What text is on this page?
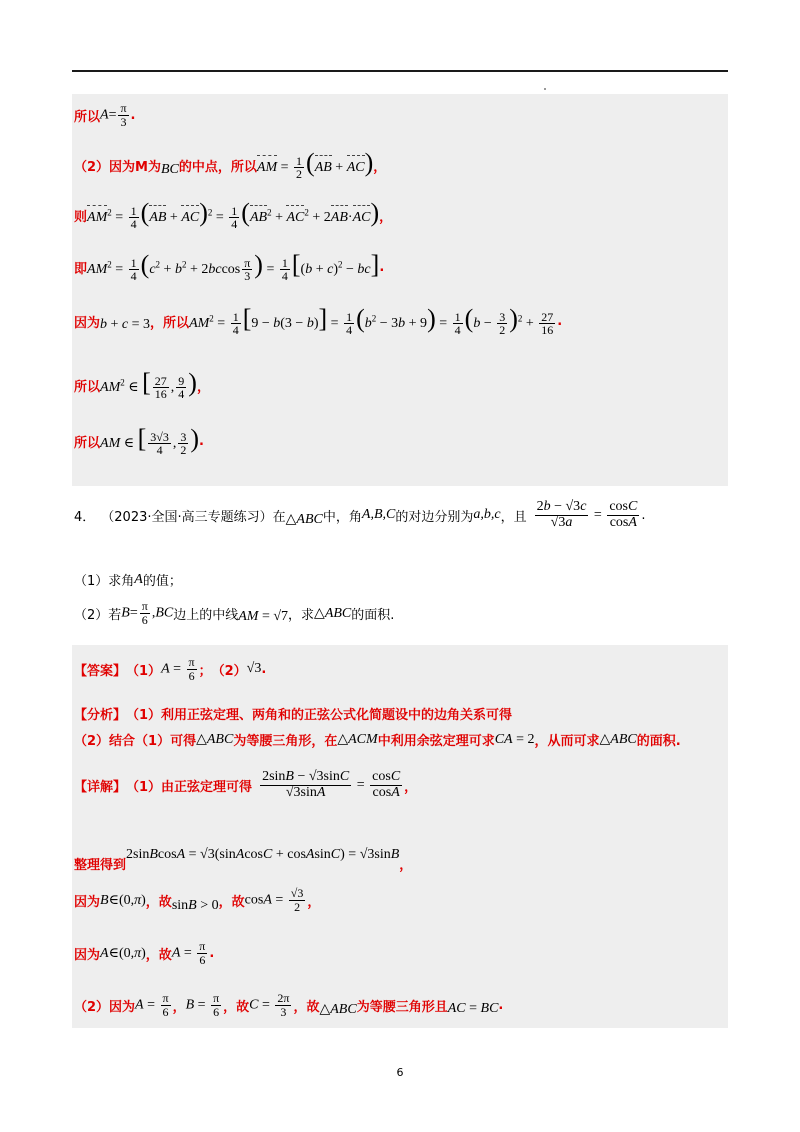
所以 $A= \frac{\pi}{3}$ .
（2）因为M为 BC 的中点，所以 AM = $\frac{1}{2} (AB + AC)$ ，
则 $AM^2 = \frac{1}{4} (AB + AC)^2 = \frac{1}{4} (AB^2 + AC^2 + 2AB\cdot AC)$ ，
即 $AM^2 = \frac{1}{4} (c^2 + b^2 + 2bccos \frac{\pi}{3}$ ) = $\frac{1}{4} [(b + c)^2 - bc]$ .
因为 b + c = 3 ，所以 $AM^2 = \frac{1}{4} [9 - b(3 - b)] = \frac{1}{4} (b^2 - 3b + 9) = \frac{1}{4} (b - \frac{3}{2} )^2 + \frac{27}{16}$ .
所以 $AM^2$ ∈ [ $\frac{27}{16}$ , $\frac{9}{4}$ ) ，
所以 AM ∈ [ $\frac{3√3}{4}$ , $\frac{3}{2}$ ) .
4． （2023·全国·高三专题练习）在 △ABC 中，角 A,B,C 的对边分别为 a,b,c ，且 $\frac{2b - √3c}{√3a} = \frac{\cos C}{\cos A}$ .
（1）求角 A 的值；
（2）若 $B= \frac{\pi}{6} ,BC$ 边上的中线 AM = √7 ，求 △ABC 的面积.
【答案】 （1） $A = \frac{\pi}{6}$ ； （2） √3 .
【分析】 （1）利用正弦定理、两角和的正弦公式化简题设中的边角关系可得
（2）结合（1）可得 △ABC 为等腰三角形，在 △ACM 中利用余弦定理可求 CA = 2 ，从而可求 △ABC 的面积.
【详解】 （1）由正弦定理可得 $\frac{2\sin B - √3\sin C}{√3\sin A} = \frac{\cos C}{\cos A}$ ，
整理得到
2sinBcosA = √3(sinAcosC + cosAsinC) = √3sinB
，
因为 B∈(0,π) ，故 sinB > 0 ，故 $\cos A = \frac{√3}{2}$ ，
因为 A∈(0,π) ，故 $A = \frac{\pi}{6}$ .
（2）因为 $A = \frac{\pi}{6}$ ， $B = \frac{\pi}{6}$ ，故 $C = \frac{2\pi}{3}$ ，故 △ABC 为等腰三角形且 AC = BC .
6
